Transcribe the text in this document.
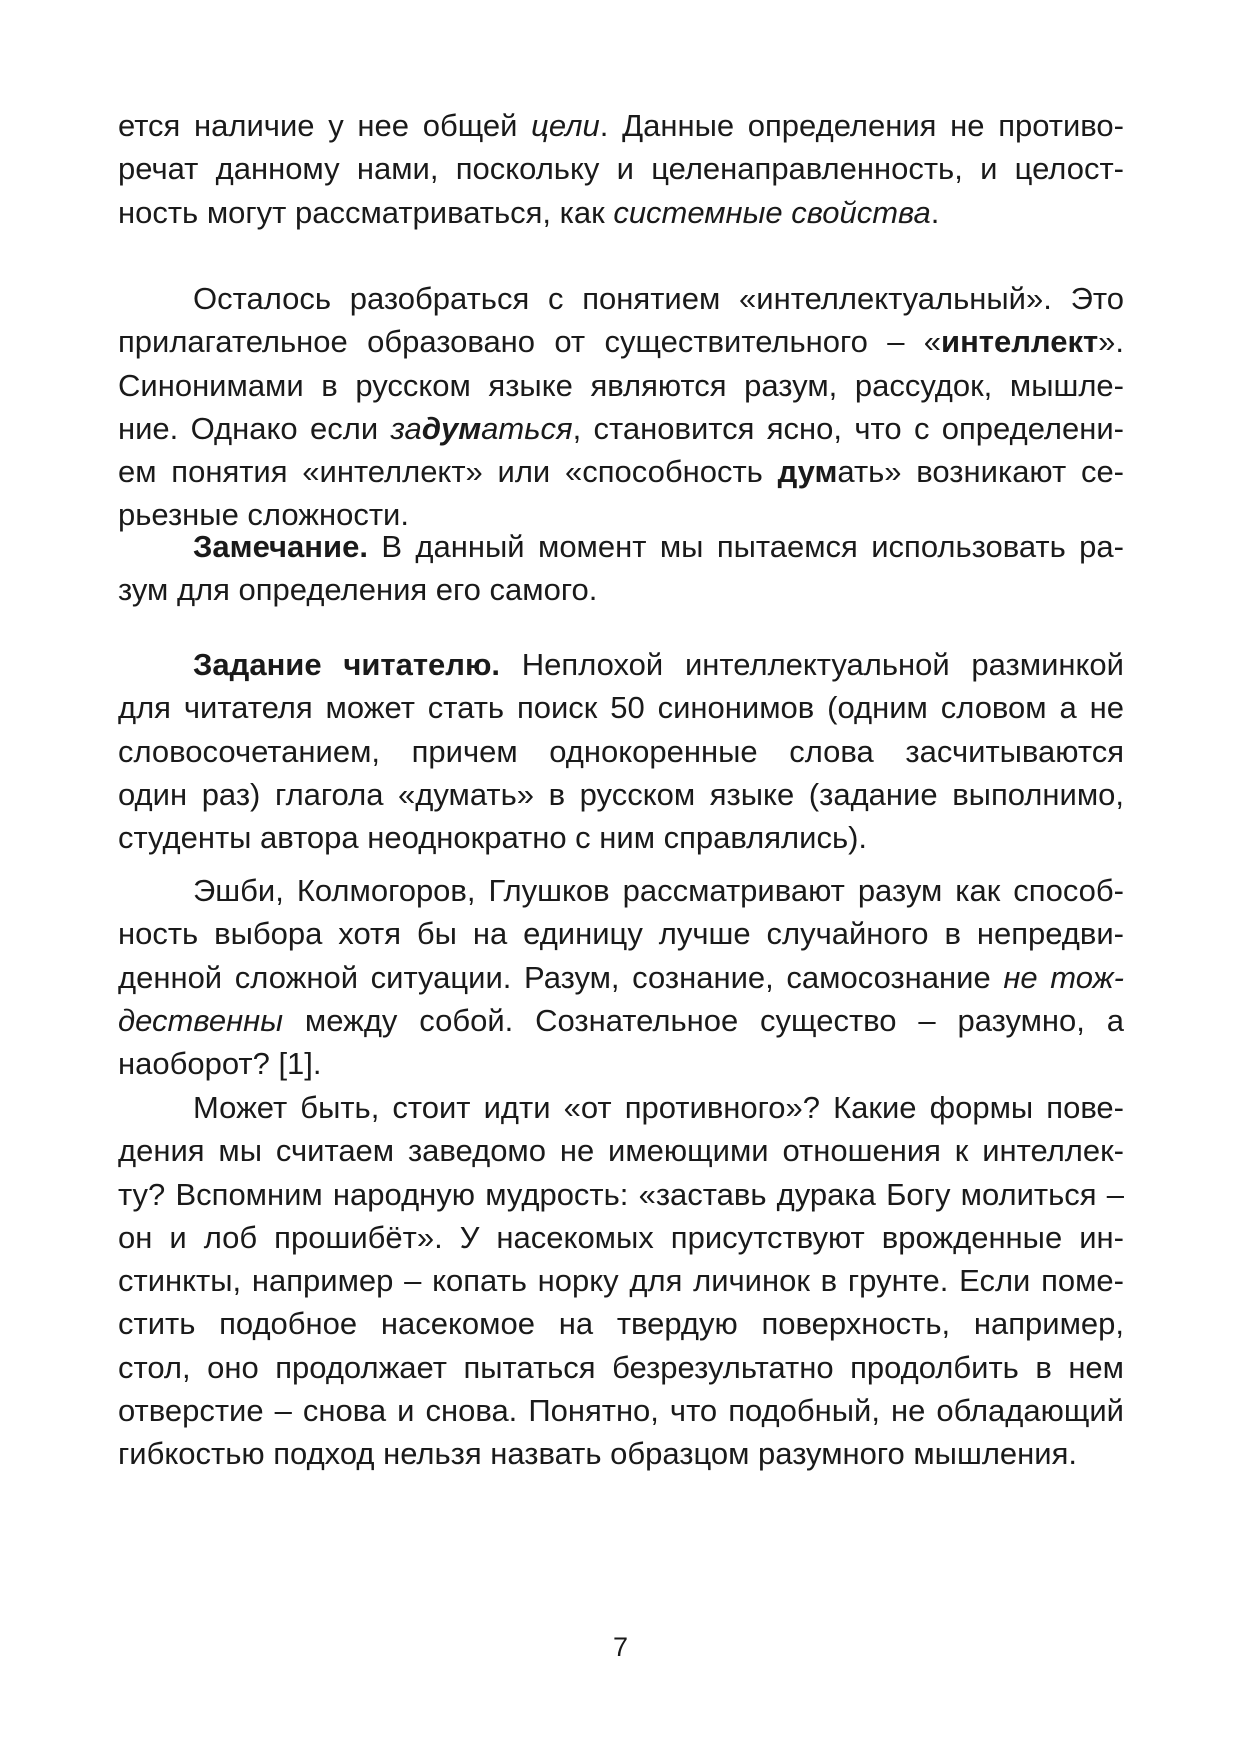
ется наличие у нее общей цели. Данные определения не противо-
речат данному нами, поскольку и целенаправленность, и целост-
ность могут рассматриваться, как системные свойства.
Осталось разобраться с понятием «интеллектуальный». Это
прилагательное образовано от существительного – «интеллект».
Синонимами в русском языке являются разум, рассудок, мышле-
ние. Однако если задуматься, становится ясно, что с определени-
ем понятия «интеллект» или «способность думать» возникают се-
рьезные сложности.
Замечание. В данный момент мы пытаемся использовать ра-
зум для определения его самого.
Задание читателю. Неплохой интеллектуальной разминкой
для читателя может стать поиск 50 синонимов (одним словом а не
словосочетанием, причем однокоренные слова засчитываются
один раз) глагола «думать» в русском языке (задание выполнимо,
студенты автора неоднократно с ним справлялись).
Эшби, Колмогоров, Глушков рассматривают разум как способ-
ность выбора хотя бы на единицу лучше случайного в непредви-
денной сложной ситуации. Разум, сознание, самосознание не тож-
дественны между собой. Сознательное существо – разумно, а
наоборот? [1].
Может быть, стоит идти «от противного»? Какие формы пове-
дения мы считаем заведомо не имеющими отношения к интеллек-
ту? Вспомним народную мудрость: «заставь дурака Богу молиться –
он и лоб прошибёт». У насекомых присутствуют врожденные ин-
стинкты, например – копать норку для личинок в грунте. Если поме-
стить подобное насекомое на твердую поверхность, например,
стол, оно продолжает пытаться безрезультатно продолбить в нем
отверстие – снова и снова. Понятно, что подобный, не обладающий
гибкостью подход нельзя назвать образцом разумного мышления.
7
